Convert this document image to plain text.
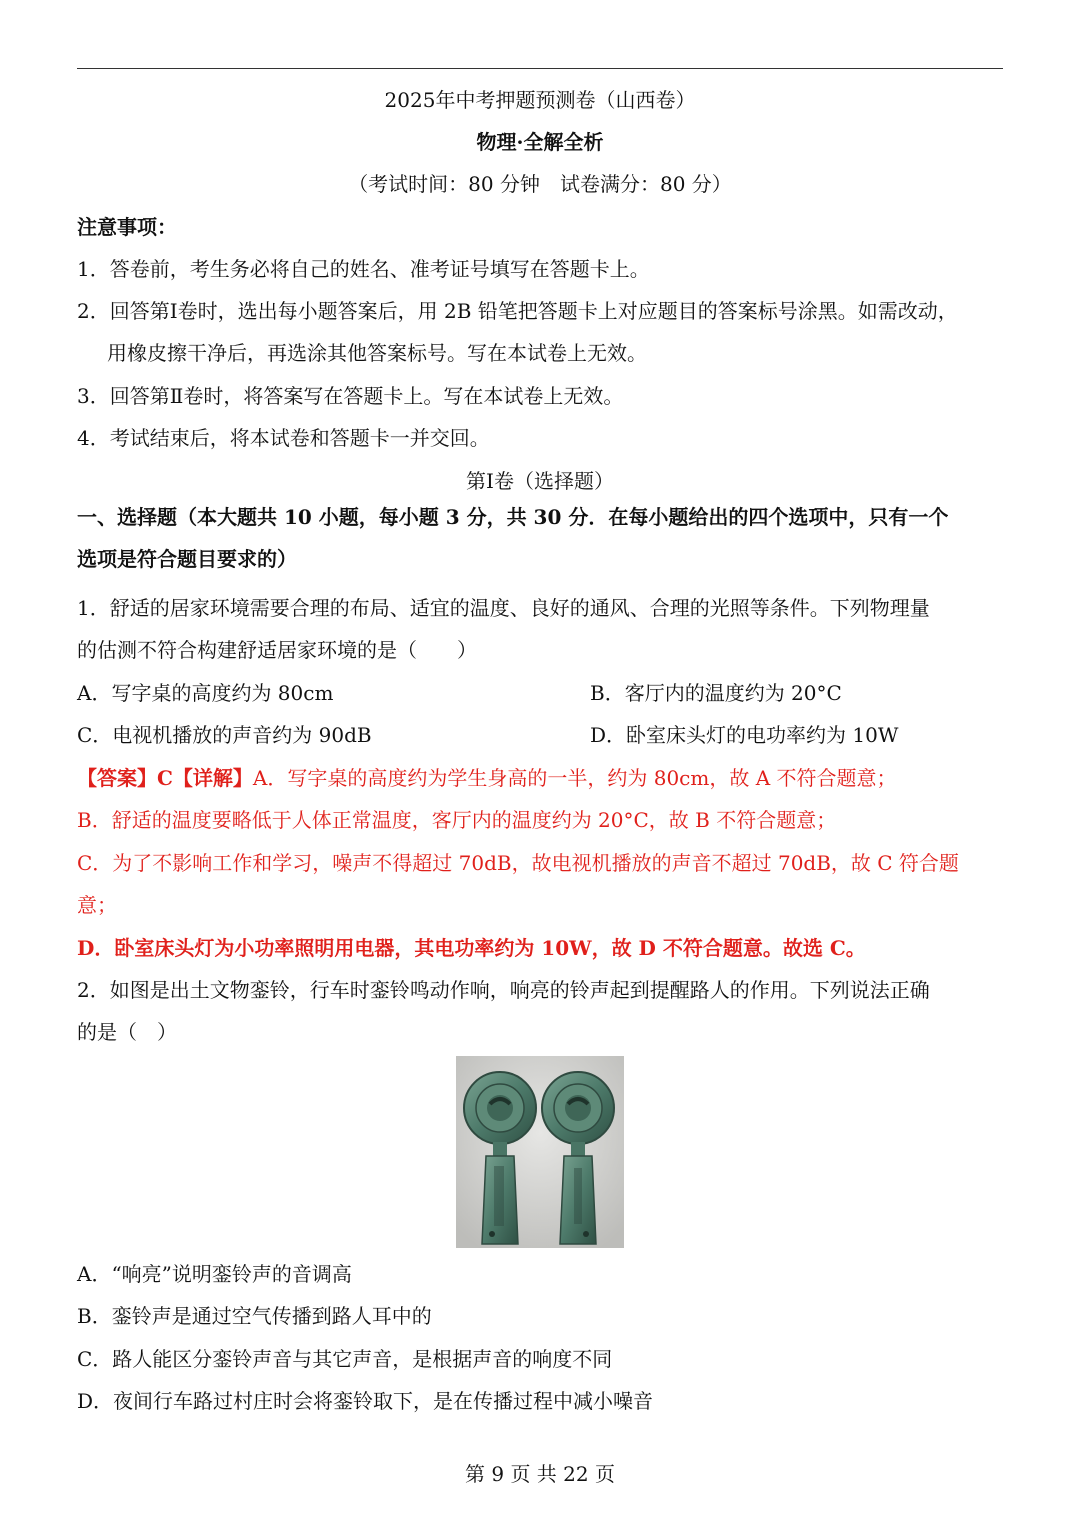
2025年中考押题预测卷（山西卷）
物理·全解全析
（考试时间：80 分钟　试卷满分：80 分）
注意事项：
1．答卷前，考生务必将自己的姓名、准考证号填写在答题卡上。
2．回答第Ⅰ卷时，选出每小题答案后，用 2B 铅笔把答题卡上对应题目的答案标号涂黑。如需改动，
用橡皮擦干净后，再选涂其他答案标号。写在本试卷上无效。
3．回答第Ⅱ卷时，将答案写在答题卡上。写在本试卷上无效。
4．考试结束后，将本试卷和答题卡一并交回。
第Ⅰ卷（选择题）
一、选择题（本大题共 10 小题，每小题 3 分，共 30 分．在每小题给出的四个选项中，只有一个
选项是符合题目要求的）
1．舒适的居家环境需要合理的布局、适宜的温度、良好的通风、合理的光照等条件。下列物理量
的估测不符合构建舒适居家环境的是（　　）
A．写字桌的高度约为 80cm	B．客厅内的温度约为 20°C
C．电视机播放的声音约为 90dB	D．卧室床头灯的电功率约为 10W
【答案】C【详解】A．写字桌的高度约为学生身高的一半，约为 80cm，故 A 不符合题意；
B．舒适的温度要略低于人体正常温度，客厅内的温度约为 20°C，故 B 不符合题意；
C．为了不影响工作和学习，噪声不得超过 70dB，故电视机播放的声音不超过 70dB，故 C 符合题
意；
D．卧室床头灯为小功率照明用电器，其电功率约为 10W，故 D 不符合题意。故选 C。
2．如图是出土文物銮铃，行车时銮铃鸣动作响，响亮的铃声起到提醒路人的作用。下列说法正确
的是（　）
A．“响亮”说明銮铃声的音调高
B．銮铃声是通过空气传播到路人耳中的
C．路人能区分銮铃声音与其它声音，是根据声音的响度不同
D．夜间行车路过村庄时会将銮铃取下，是在传播过程中减小噪音
第 9 页 共 22 页
